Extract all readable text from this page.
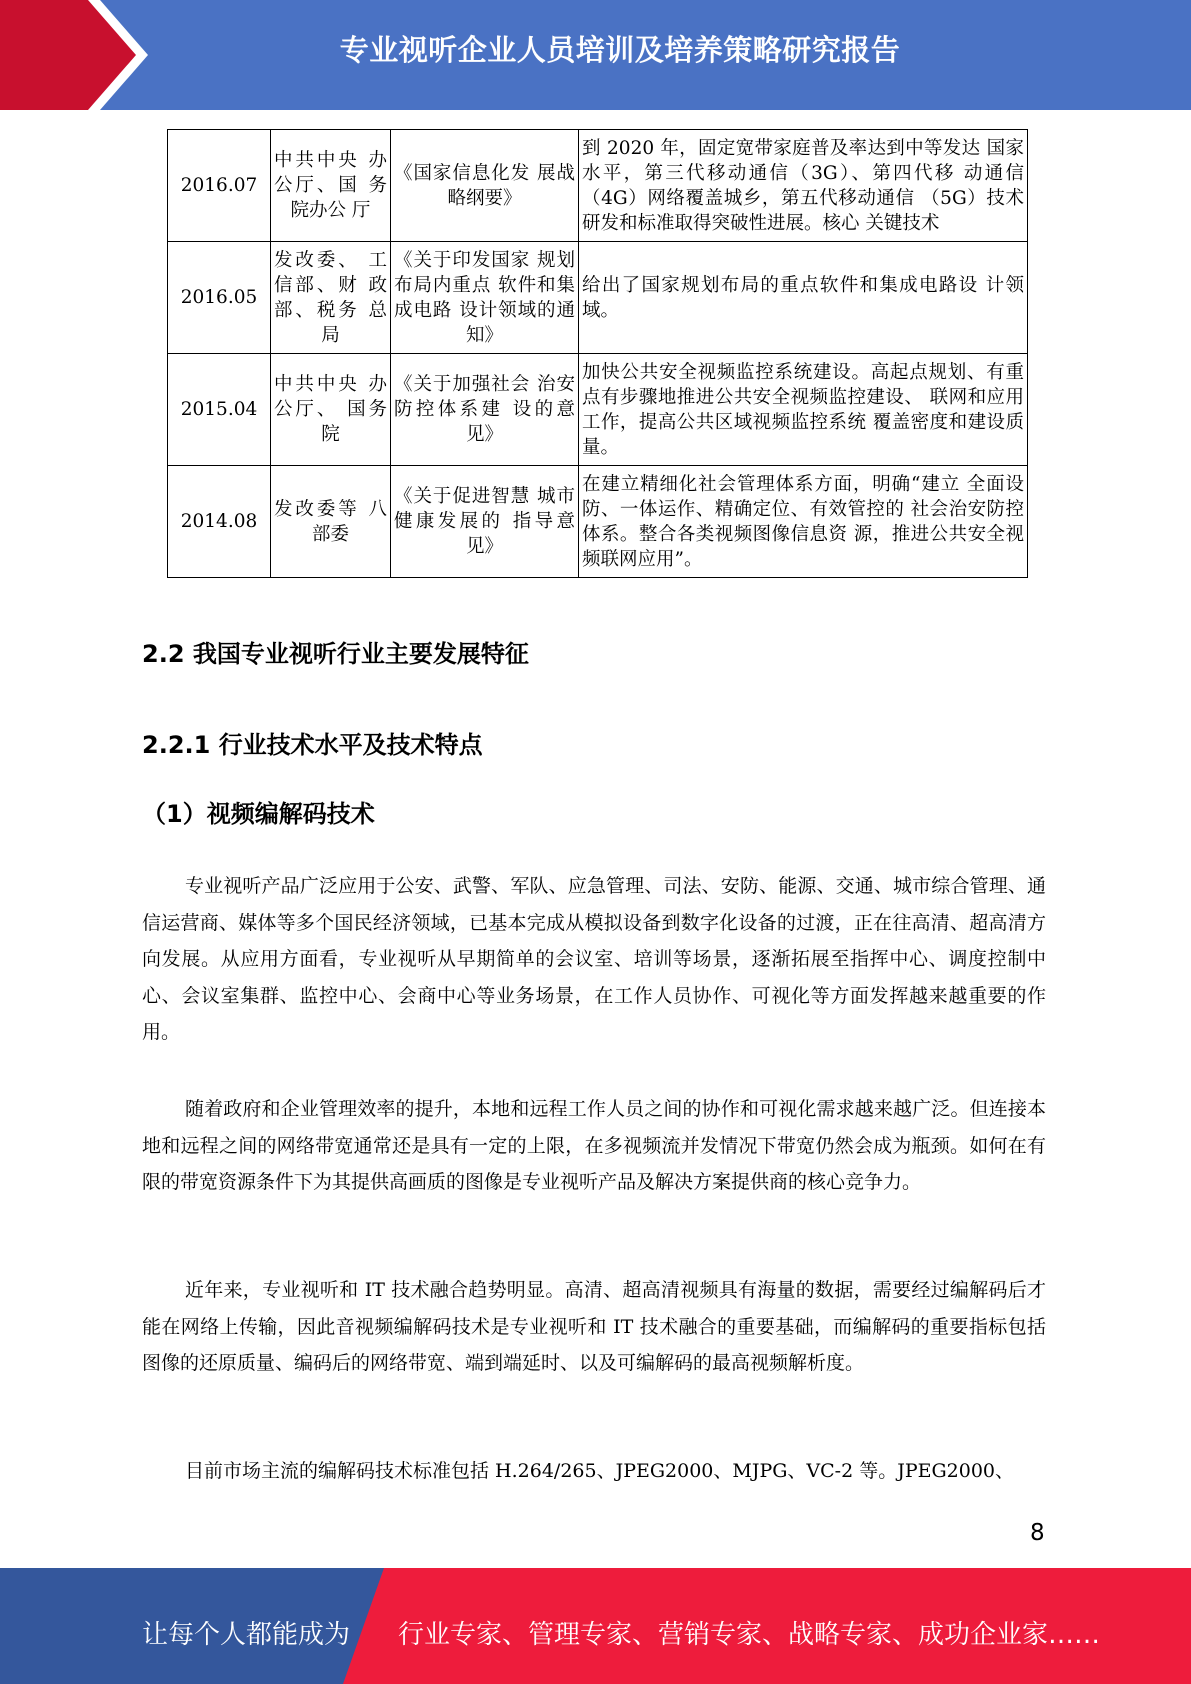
专业视听企业人员培训及培养策略研究报告
2016.07	中共中央 办公厅、国 务院办公 厅	《国家信息化发 展战略纲要》	到 2020 年，固定宽带家庭普及率达到中等发达 国家水平，第三代移动通信（3G）、第四代移 动通信（4G）网络覆盖城乡，第五代移动通信 （5G）技术研发和标准取得突破性进展。核心 关键技术
2016.05	发改委、 工信部、财 政部、税务 总局	《关于印发国家 规划布局内重点 软件和集成电路 设计领域的通知》	给出了国家规划布局的重点软件和集成电路设 计领域。
2015.04	中共中央 办公厅、 国务院	《关于加强社会 治安防控体系建 设的意见》	加快公共安全视频监控系统建设。高起点规划、有重点有步骤地推进公共安全视频监控建设、 联网和应用工作，提高公共区域视频监控系统 覆盖密度和建设质量。
2014.08	发改委等 八部委	《关于促进智慧 城市健康发展的 指导意见》	在建立精细化社会管理体系方面，明确“建立 全面设防、一体运作、精确定位、有效管控的 社会治安防控体系。整合各类视频图像信息资 源，推进公共安全视频联网应用”。
2.2 我国专业视听行业主要发展特征
2.2.1 行业技术水平及技术特点
（1）视频编解码技术
专业视听产品广泛应用于公安、武警、军队、应急管理、司法、安防、能源、交通、城市综合管理、通信运营商、媒体等多个国民经济领域，已基本完成从模拟设备到数字化设备的过渡，正在往高清、超高清方向发展。从应用方面看，专业视听从早期简单的会议室、培训等场景，逐渐拓展至指挥中心、调度控制中心、会议室集群、监控中心、会商中心等业务场景，在工作人员协作、可视化等方面发挥越来越重要的作用。
随着政府和企业管理效率的提升，本地和远程工作人员之间的协作和可视化需求越来越广泛。但连接本地和远程之间的网络带宽通常还是具有一定的上限，在多视频流并发情况下带宽仍然会成为瓶颈。如何在有限的带宽资源条件下为其提供高画质的图像是专业视听产品及解决方案提供商的核心竞争力。
近年来，专业视听和 IT 技术融合趋势明显。高清、超高清视频具有海量的数据，需要经过编解码后才能在网络上传输，因此音视频编解码技术是专业视听和 IT 技术融合的重要基础，而编解码的重要指标包括图像的还原质量、编码后的网络带宽、端到端延时、以及可编解码的最高视频解析度。
目前市场主流的编解码技术标准包括 H.264/265、JPEG2000、MJPG、VC-2 等。JPEG2000、
8
让每个人都能成为 行业专家、管理专家、营销专家、战略专家、成功企业家……
